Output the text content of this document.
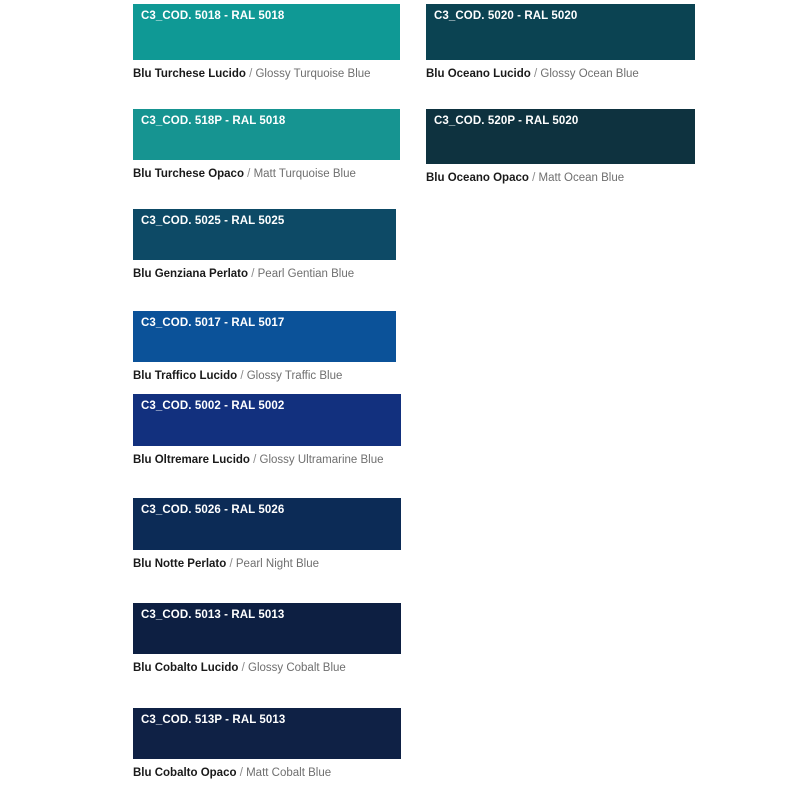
C3_COD. 5018 - RAL 5018
Blu Turchese Lucido / Glossy Turquoise Blue
C3_COD. 5020 - RAL 5020
Blu Oceano Lucido / Glossy Ocean Blue
C3_COD. 518P - RAL 5018
Blu Turchese Opaco / Matt Turquoise Blue
C3_COD. 520P - RAL 5020
Blu Oceano Opaco / Matt Ocean Blue
C3_COD. 5025 - RAL 5025
Blu Genziana Perlato / Pearl Gentian Blue
C3_COD. 5017 - RAL 5017
Blu Traffico Lucido / Glossy Traffic Blue
C3_COD. 5002 - RAL 5002
Blu Oltremare Lucido / Glossy Ultramarine Blue
C3_COD. 5026 - RAL 5026
Blu Notte Perlato / Pearl Night Blue
C3_COD. 5013 - RAL 5013
Blu Cobalto Lucido / Glossy Cobalt Blue
C3_COD. 513P - RAL 5013
Blu Cobalto Opaco / Matt Cobalt Blue
